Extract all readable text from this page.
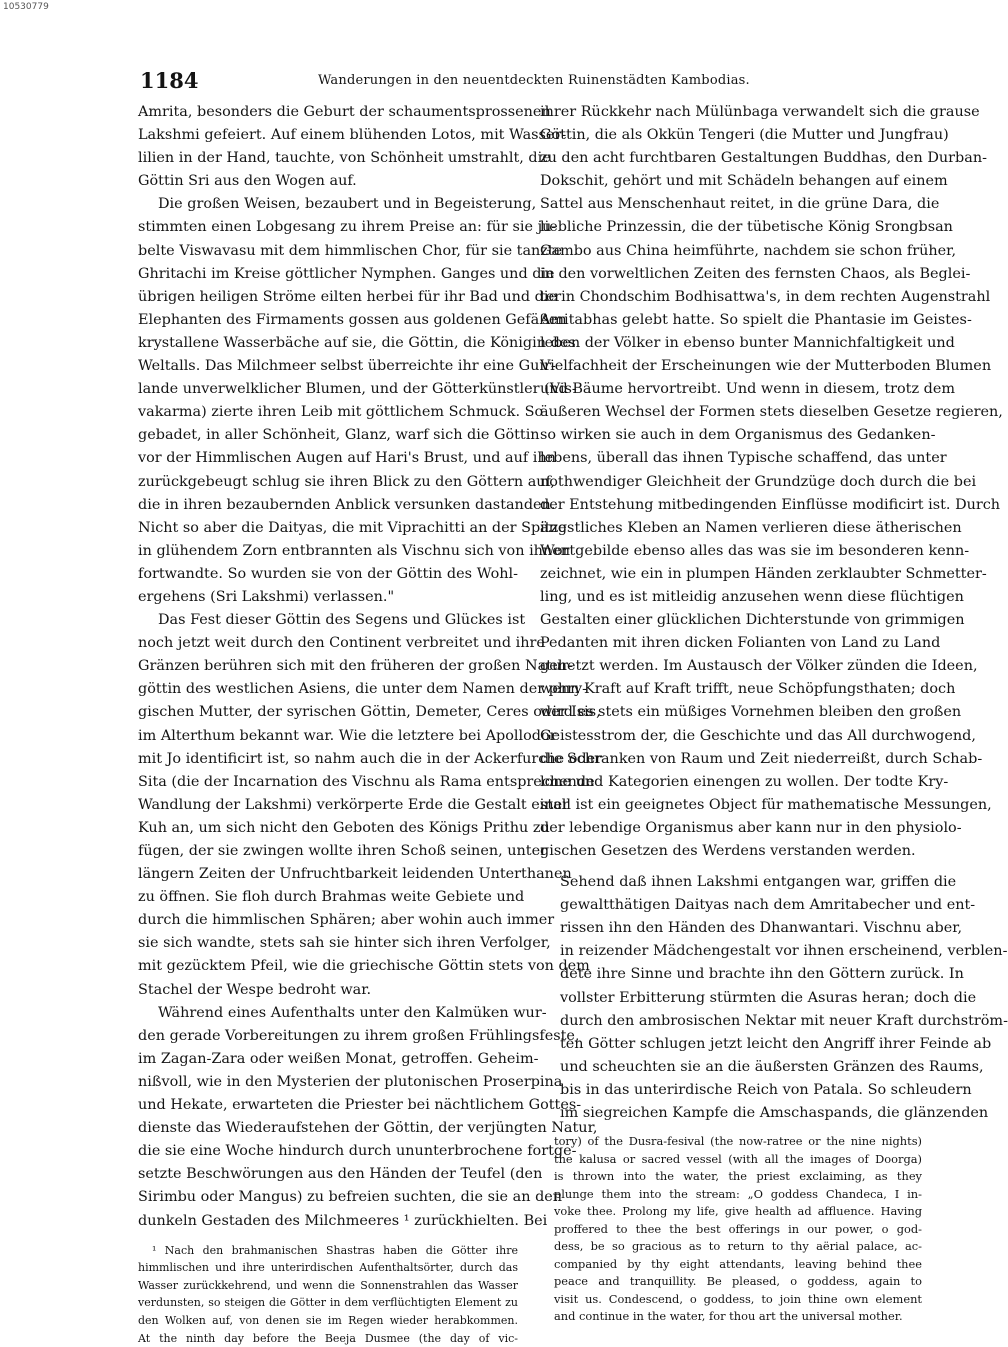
10530779
1184	Wanderungen in den neuentdeckten Ruinenstädten Kambodias.
Amrita, besonders die Geburt der schaumentsprossenen
Lakshmi gefeiert. Auf einem blühenden Lotos, mit Wasser-
lilien in der Hand, tauchte, von Schönheit umstrahlt, die
Göttin Sri aus den Wogen auf.
Die großen Weisen, bezaubert und in Begeisterung,
stimmten einen Lobgesang zu ihrem Preise an: für sie ju-
belte Viswavasu mit dem himmlischen Chor, für sie tanzte
Ghritachi im Kreise göttlicher Nymphen. Ganges und die
übrigen heiligen Ströme eilten herbei für ihr Bad und die
Elephanten des Firmaments gossen aus goldenen Gefäßen
krystallene Wasserbäche auf sie, die Göttin, die Königin des
Weltalls. Das Milchmeer selbst überreichte ihr eine Guir-
lande unverwelklicher Blumen, und der Götterkünstler (Vis-
vakarma) zierte ihren Leib mit göttlichem Schmuck. So
gebadet, in aller Schönheit, Glanz, warf sich die Göttin
vor der Himmlischen Augen auf Hari's Brust, und auf ihn
zurückgebeugt schlug sie ihren Blick zu den Göttern auf,
die in ihren bezaubernden Anblick versunken dastanden.
Nicht so aber die Daityas, die mit Viprachitti an der Spitze
in glühendem Zorn entbrannten als Vischnu sich von ihnen
fortwandte. So wurden sie von der Göttin des Wohl-
ergehens (Sri Lakshmi) verlassen."
Das Fest dieser Göttin des Segens und Glückes ist
noch jetzt weit durch den Continent verbreitet und ihre
Gränzen berühren sich mit den früheren der großen Natur-
göttin des westlichen Asiens, die unter dem Namen der phry-
gischen Mutter, der syrischen Göttin, Demeter, Ceres oder Isis,
im Alterthum bekannt war. Wie die letztere bei Apollodor
mit Jo identificirt ist, so nahm auch die in der Ackerfurche oder
Sita (die der Incarnation des Vischnu als Rama entsprechende
Wandlung der Lakshmi) verkörperte Erde die Gestalt einer
Kuh an, um sich nicht den Geboten des Königs Prithu zu
fügen, der sie zwingen wollte ihren Schoß seinen, unter
längern Zeiten der Unfruchtbarkeit leidenden Unterthanen
zu öffnen. Sie floh durch Brahmas weite Gebiete und
durch die himmlischen Sphären; aber wohin auch immer
sie sich wandte, stets sah sie hinter sich ihren Verfolger,
mit gezücktem Pfeil, wie die griechische Göttin stets von dem
Stachel der Wespe bedroht war.
Während eines Aufenthalts unter den Kalmüken wur-
den gerade Vorbereitungen zu ihrem großen Frühlingsfeste,
im Zagan-Zara oder weißen Monat, getroffen. Geheim-
nißvoll, wie in den Mysterien der plutonischen Proserpina
und Hekate, erwarteten die Priester bei nächtlichem Gottes-
dienste das Wiederaufstehen der Göttin, der verjüngten Natur,
die sie eine Woche hindurch durch ununterbrochene fortge-
setzte Beschwörungen aus den Händen der Teufel (den
Sirimbu oder Mangus) zu befreien suchten, die sie an den
dunkeln Gestaden des Milchmeeres ¹ zurückhielten. Bei
¹ Nach den brahmanischen Shastras haben die Götter ihre
himmlischen und ihre unterirdischen Aufenthaltsörter, durch das
Wasser zurückkehrend, und wenn die Sonnenstrahlen das Wasser
verdunsten, so steigen die Götter in dem verflüchtigten Element zu
den Wolken auf, von denen sie im Regen wieder herabkommen.
At the ninth day before the Beeja Dusmee (the day of vic-
ihrer Rückkehr nach Mülünbaga verwandelt sich die grause
Göttin, die als Okkün Tengeri (die Mutter und Jungfrau)
zu den acht furchtbaren Gestaltungen Buddhas, den Durban-
Dokschit, gehört und mit Schädeln behangen auf einem
Sattel aus Menschenhaut reitet, in die grüne Dara, die
liebliche Prinzessin, die der tübetische König Srongbsan
Gambo aus China heimführte, nachdem sie schon früher,
in den vorweltlichen Zeiten des fernsten Chaos, als Beglei-
terin Chondschim Bodhisattwa's, in dem rechten Augenstrahl
Amitabhas gelebt hatte. So spielt die Phantasie im Geistes-
leben der Völker in ebenso bunter Mannichfaltigkeit und
Vielfachheit der Erscheinungen wie der Mutterboden Blumen
und Bäume hervortreibt. Und wenn in diesem, trotz dem
äußeren Wechsel der Formen stets dieselben Gesetze regieren,
so wirken sie auch in dem Organismus des Gedanken-
lebens, überall das ihnen Typische schaffend, das unter
nothwendiger Gleichheit der Grundzüge doch durch die bei
der Entstehung mitbedingenden Einflüsse modificirt ist. Durch
ängstliches Kleben an Namen verlieren diese ätherischen
Wortgebilde ebenso alles das was sie im besonderen kenn-
zeichnet, wie ein in plumpen Händen zerklaubter Schmetter-
ling, und es ist mitleidig anzusehen wenn diese flüchtigen
Gestalten einer glücklichen Dichterstunde von grimmigen
Pedanten mit ihren dicken Folianten von Land zu Land
gehetzt werden. Im Austausch der Völker zünden die Ideen,
wenn Kraft auf Kraft trifft, neue Schöpfungsthaten; doch
wird es stets ein müßiges Vornehmen bleiben den großen
Geistesstrom der, die Geschichte und das All durchwogend,
die Schranken von Raum und Zeit niederreißt, durch Schab-
lone und Kategorien einengen zu wollen. Der todte Kry-
stall ist ein geeignetes Object für mathematische Messungen,
der lebendige Organismus aber kann nur in den physiolo-
gischen Gesetzen des Werdens verstanden werden.
Sehend daß ihnen Lakshmi entgangen war, griffen die
gewaltthätigen Daityas nach dem Amritabecher und ent-
rissen ihn den Händen des Dhanwantari. Vischnu aber,
in reizender Mädchengestalt vor ihnen erscheinend, verblen-
dete ihre Sinne und brachte ihn den Göttern zurück. In
vollster Erbitterung stürmten die Asuras heran; doch die
durch den ambrosischen Nektar mit neuer Kraft durchström-
ten Götter schlugen jetzt leicht den Angriff ihrer Feinde ab
und scheuchten sie an die äußersten Gränzen des Raums,
bis in das unterirdische Reich von Patala. So schleudern
im siegreichen Kampfe die Amschaspands, die glänzenden
tory) of the Dusra-fesival (the now-ratree or the nine nights)
the kalusa or sacred vessel (with all the images of Doorga)
is thrown into the water, the priest exclaiming, as they
plunge them into the stream: „O goddess Chandeca, I in-
voke thee. Prolong my life, give health ad affluence. Having
proffered to thee the best offerings in our power, o god-
dess, be so gracious as to return to thy aërial palace, ac-
companied by thy eight attendants, leaving behind thee
peace and tranquillity. Be pleased, o goddess, again to
visit us. Condescend, o goddess, to join thine own element
and continue in the water, for thou art the universal mother.
